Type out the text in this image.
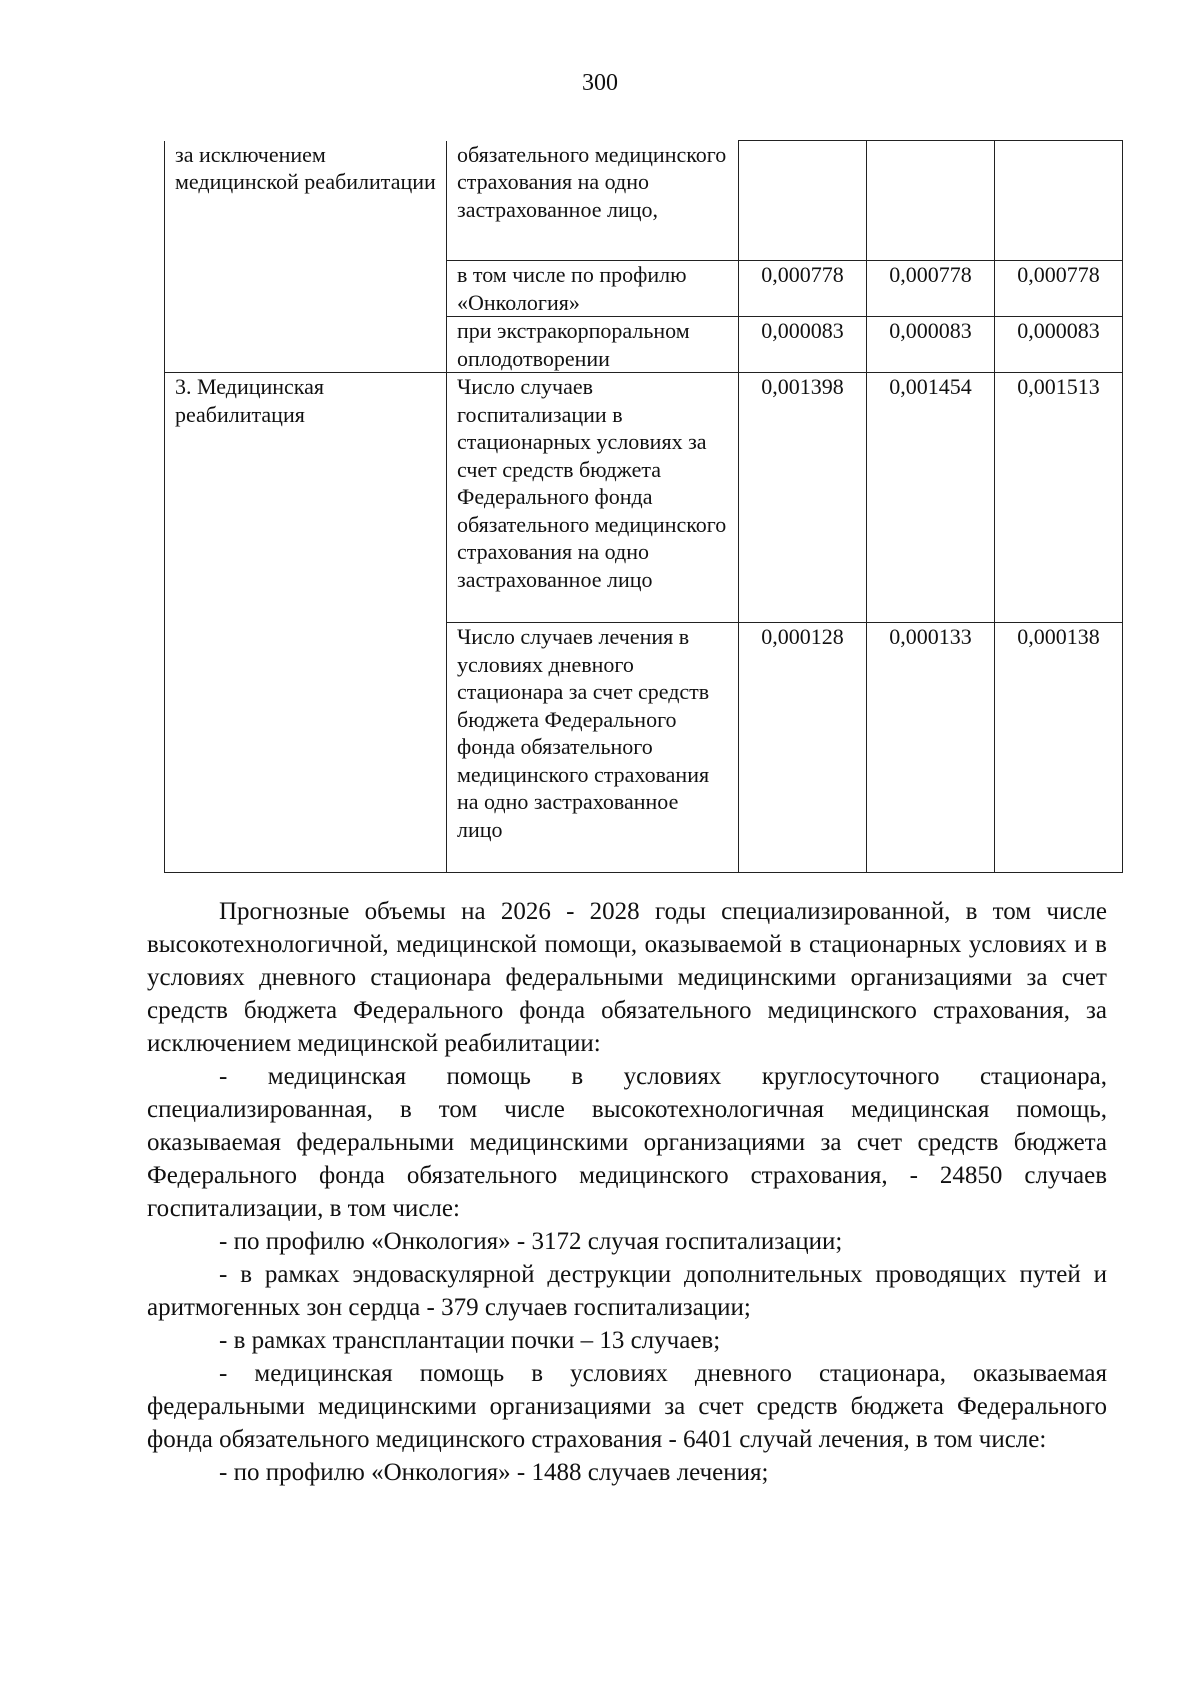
300
за исключением медицинской реабилитации	обязательного медицинского страхования на одно застрахованное лицо,			
	в том числе по профилю «Онкология»	0,000778	0,000778	0,000778
	при экстракорпоральном оплодотворении	0,000083	0,000083	0,000083
3. Медицинская реабилитация	Число случаев госпитализации в стационарных условиях за счет средств бюджета Федерального фонда обязательного медицинского страхования на одно застрахованное лицо	0,001398	0,001454	0,001513
	Число случаев лечения в условиях дневного стационара за счет средств бюджета Федерального фонда обязательного медицинского страхования на одно застрахованное лицо	0,000128	0,000133	0,000138

Прогнозные объемы на 2026 - 2028 годы специализированной, в том числе высокотехнологичной, медицинской помощи, оказываемой в стационарных условиях и в условиях дневного стационара федеральными медицинскими организациями за счет средств бюджета Федерального фонда обязательного медицинского страхования, за исключением медицинской реабилитации:

- медицинская помощь в условиях круглосуточного стационара, специализированная, в том числе высокотехнологичная медицинская помощь, оказываемая федеральными медицинскими организациями за счет средств бюджета Федерального фонда обязательного медицинского страхования, - 24850 случаев госпитализации, в том числе:

- по профилю «Онкология» - 3172 случая госпитализации;

- в рамках эндоваскулярной деструкции дополнительных проводящих путей и аритмогенных зон сердца - 379 случаев госпитализации;

- в рамках трансплантации почки – 13 случаев;

- медицинская помощь в условиях дневного стационара, оказываемая федеральными медицинскими организациями за счет средств бюджета Федерального фонда обязательного медицинского страхования - 6401 случай лечения, в том числе:

- по профилю «Онкология» - 1488 случаев лечения;
